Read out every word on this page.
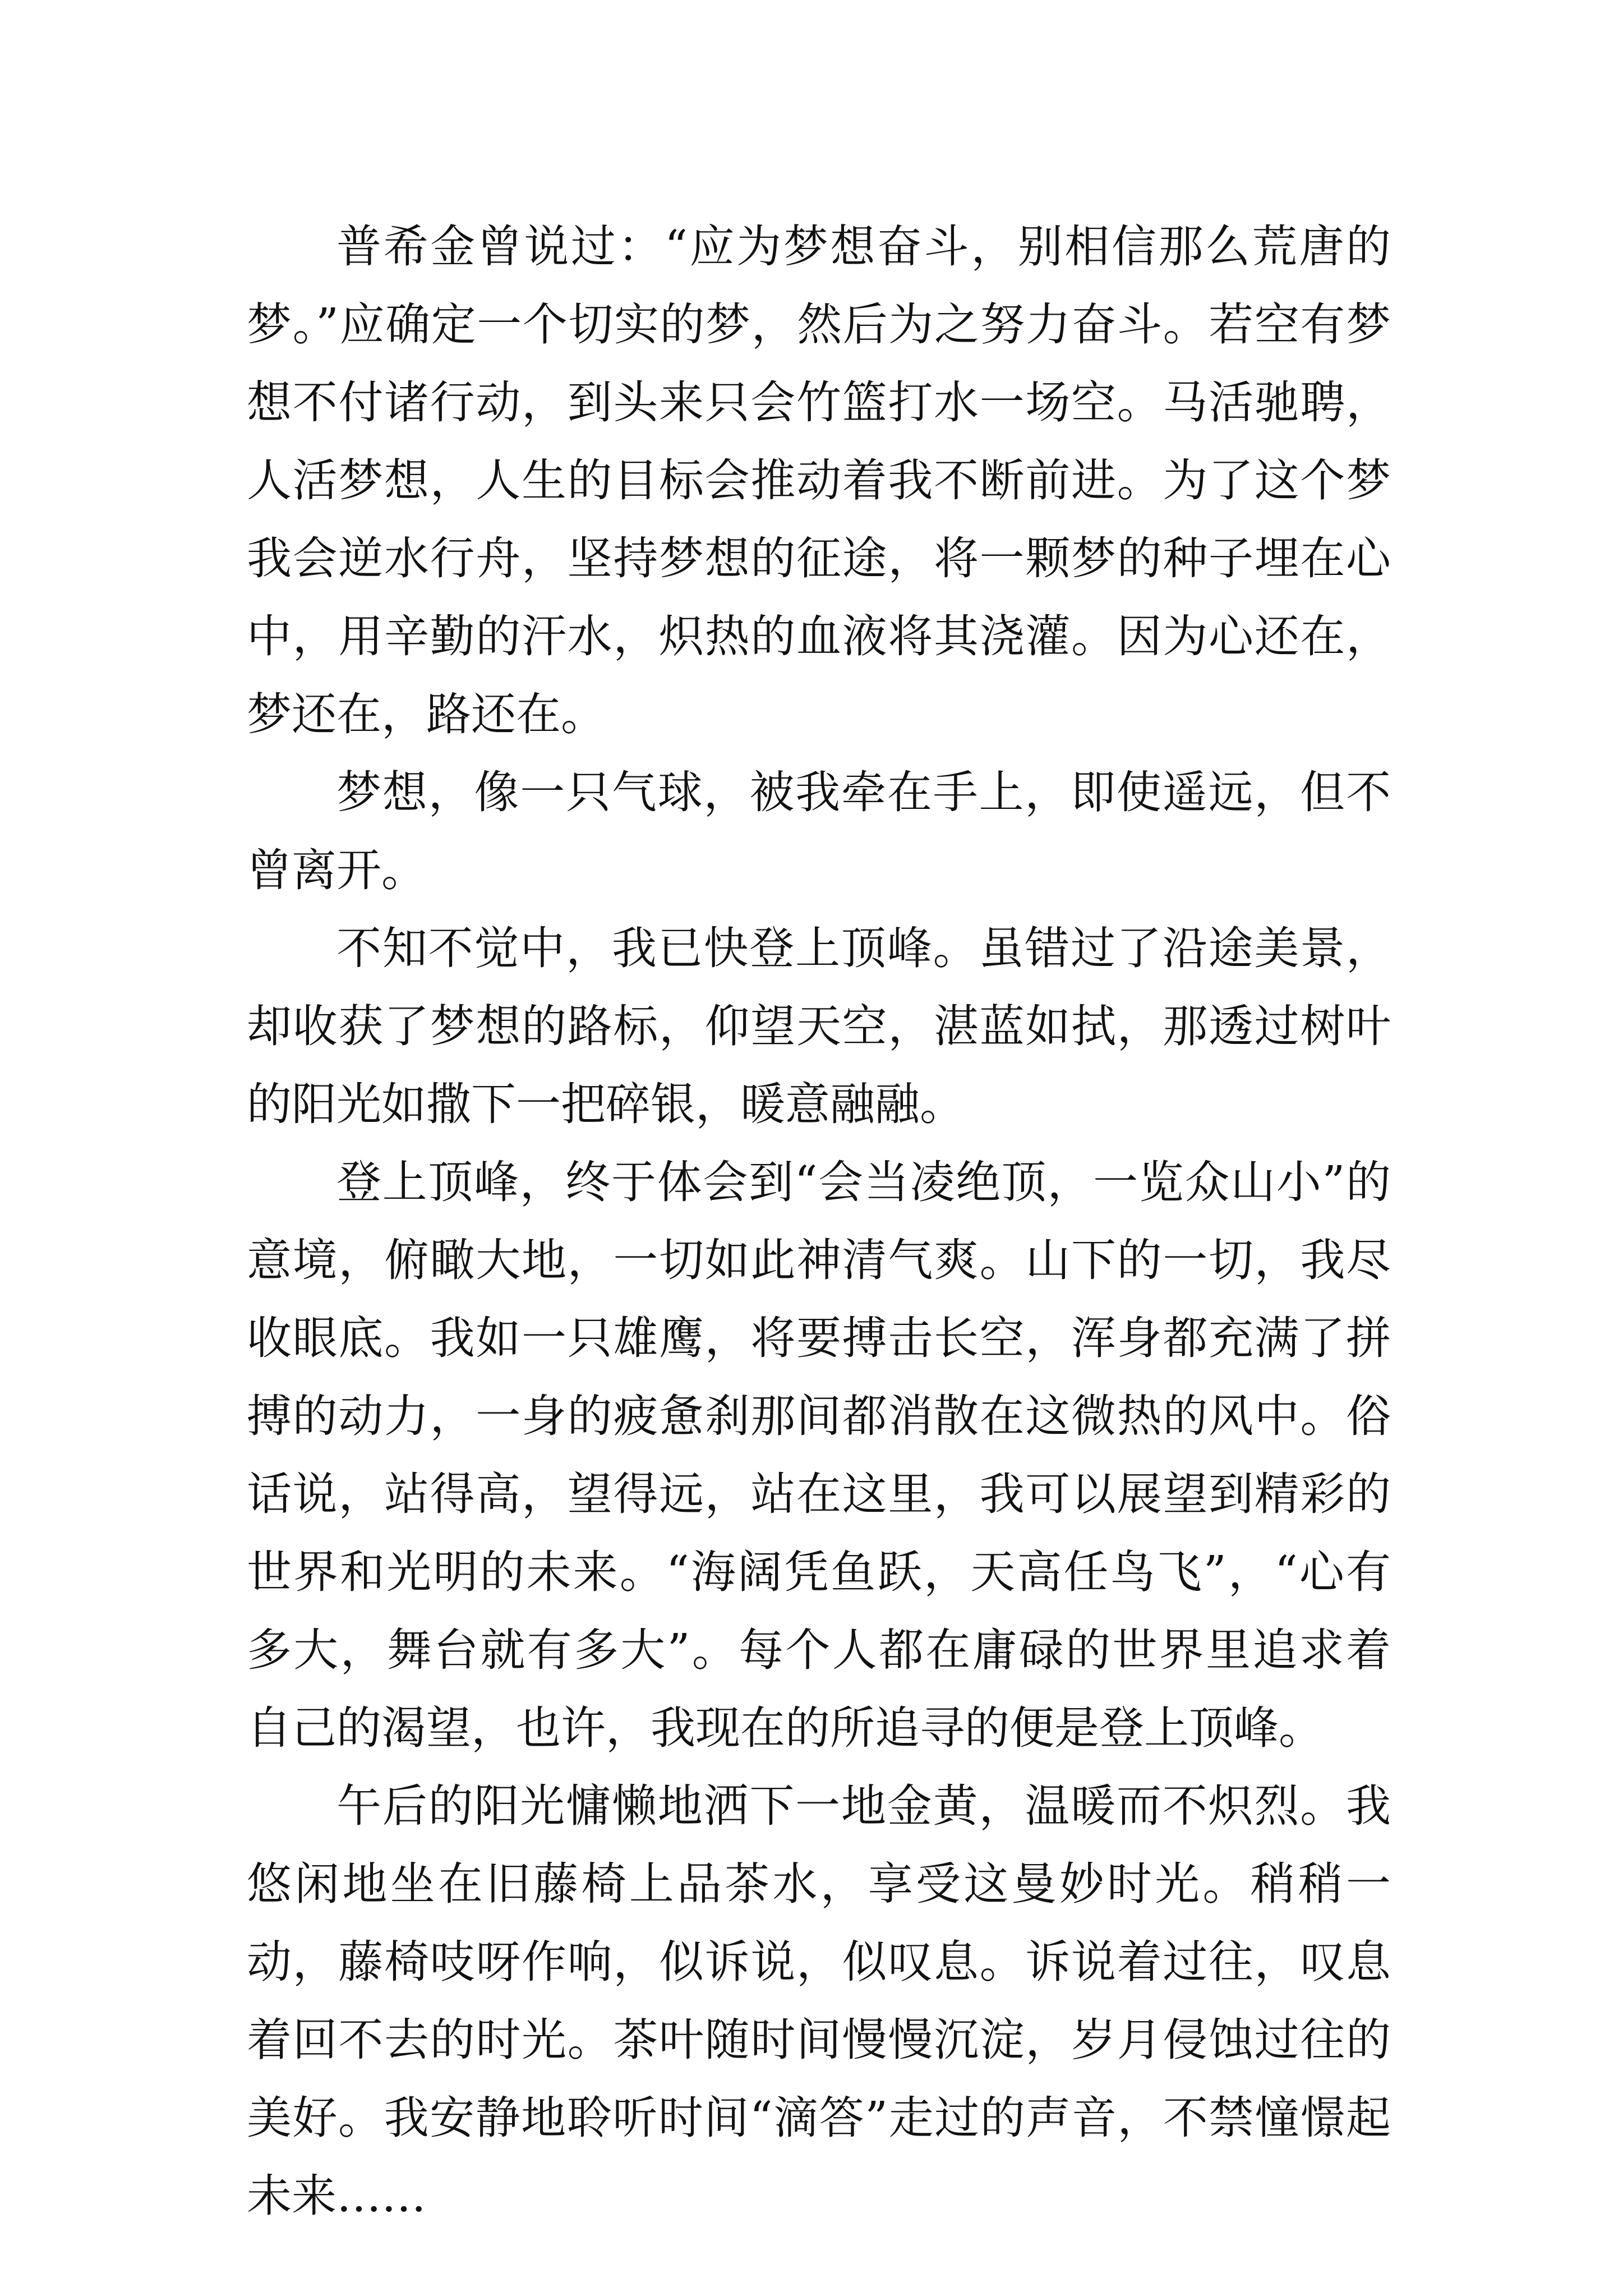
普希金曾说过：“应为梦想奋斗，别相信那么荒唐的梦。”应确定一个切实的梦，然后为之努力奋斗。若空有梦想不付诸行动，到头来只会竹篮打水一场空。马活驰聘，人活梦想，人生的目标会推动着我不断前进。为了这个梦我会逆水行舟，坚持梦想的征途，将一颗梦的种子埋在心中，用辛勤的汗水，炽热的血液将其浇灌。因为心还在，梦还在，路还在。

梦想，像一只气球，被我牵在手上，即使遥远，但不曾离开。

不知不觉中，我已快登上顶峰。虽错过了沿途美景，却收获了梦想的路标，仰望天空，湛蓝如拭，那透过树叶的阳光如撒下一把碎银，暖意融融。

登上顶峰，终于体会到“会当凌绝顶，一览众山小”的意境，俯瞰大地，一切如此神清气爽。山下的一切，我尽收眼底。我如一只雄鹰，将要搏击长空，浑身都充满了拼搏的动力，一身的疲惫刹那间都消散在这微热的风中。俗话说，站得高，望得远，站在这里，我可以展望到精彩的世界和光明的未来。“海阔凭鱼跃，天高任鸟飞”，“心有多大，舞台就有多大”。每个人都在庸碌的世界里追求着自己的渴望，也许，我现在的所追寻的便是登上顶峰。

午后的阳光慵懒地洒下一地金黄，温暖而不炽烈。我悠闲地坐在旧藤椅上品茶水，享受这曼妙时光。稍稍一动，藤椅吱呀作响，似诉说，似叹息。诉说着过往，叹息着回不去的时光。茶叶随时间慢慢沉淀，岁月侵蚀过往的美好。我安静地聆听时间“滴答”走过的声音，不禁憧憬起未来……
